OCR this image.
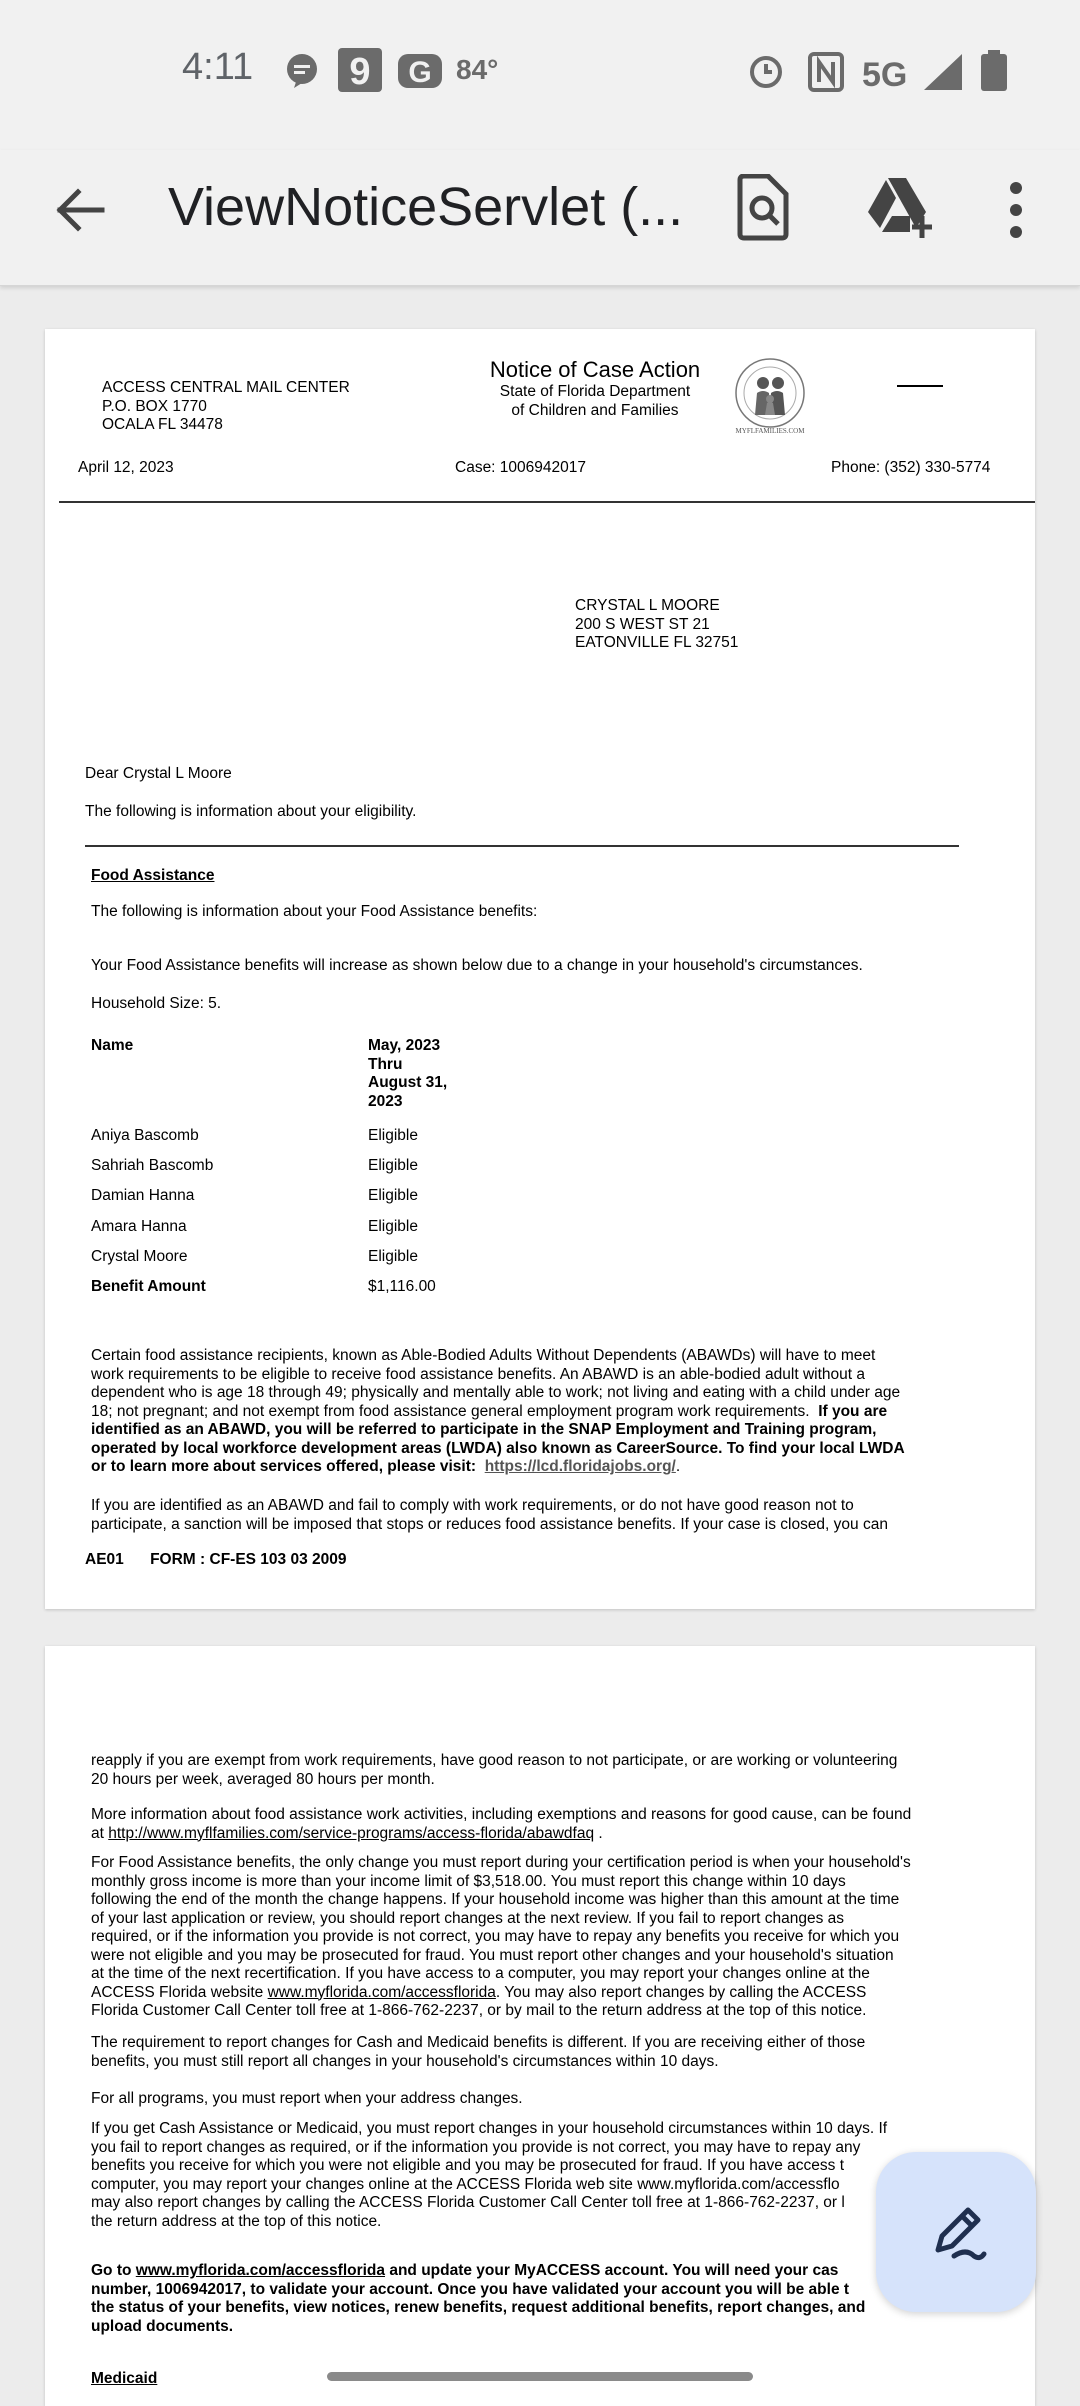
4:11	9 G 84°	5G
ViewNoticeServlet (...
ACCESS CENTRAL MAIL CENTER
P.O. BOX 1770
OCALA FL 34478
Notice of Case Action
State of Florida Department
of Children and Families
MYFLFAMILIES.COM
April 12, 2023	Case: 1006942017	Phone: (352) 330-5774
CRYSTAL L MOORE
200 S WEST ST 21
EATONVILLE FL 32751
Dear Crystal L Moore
The following is information about your eligibility.
Food Assistance
The following is information about your Food Assistance benefits:
Your Food Assistance benefits will increase as shown below due to a change in your household's circumstances.
Household Size: 5.
Name	May, 2023
Thru
August 31,
2023
Aniya Bascomb	Eligible
Sahriah Bascomb	Eligible
Damian Hanna	Eligible
Amara Hanna	Eligible
Crystal Moore	Eligible
Benefit Amount	$1,116.00
Certain food assistance recipients, known as Able-Bodied Adults Without Dependents (ABAWDs) will have to meet
work requirements to be eligible to receive food assistance benefits. An ABAWD is an able-bodied adult without a
dependent who is age 18 through 49; physically and mentally able to work; not living and eating with a child under age
18; not pregnant; and not exempt from food assistance general employment program work requirements. If you are
identified as an ABAWD, you will be referred to participate in the SNAP Employment and Training program,
operated by local workforce development areas (LWDA) also known as CareerSource. To find your local LWDA
or to learn more about services offered, please visit: https://lcd.floridajobs.org/.
If you are identified as an ABAWD and fail to comply with work requirements, or do not have good reason not to
participate, a sanction will be imposed that stops or reduces food assistance benefits. If your case is closed, you can
AE01 FORM : CF-ES 103 03 2009
reapply if you are exempt from work requirements, have good reason to not participate, or are working or volunteering
20 hours per week, averaged 80 hours per month.
More information about food assistance work activities, including exemptions and reasons for good cause, can be found
at http://www.myflfamilies.com/service-programs/access-florida/abawdfaq .
For Food Assistance benefits, the only change you must report during your certification period is when your household's
monthly gross income is more than your income limit of $3,518.00. You must report this change within 10 days
following the end of the month the change happens. If your household income was higher than this amount at the time
of your last application or review, you should report changes at the next review. If you fail to report changes as
required, or if the information you provide is not correct, you may have to repay any benefits you receive for which you
were not eligible and you may be prosecuted for fraud. You must report other changes and your household's situation
at the time of the next recertification. If you have access to a computer, you may report your changes online at the
ACCESS Florida website www.myflorida.com/accessflorida. You may also report changes by calling the ACCESS
Florida Customer Call Center toll free at 1-866-762-2237, or by mail to the return address at the top of this notice.
The requirement to report changes for Cash and Medicaid benefits is different. If you are receiving either of those
benefits, you must still report all changes in your household's circumstances within 10 days.
For all programs, you must report when your address changes.
If you get Cash Assistance or Medicaid, you must report changes in your household circumstances within 10 days. If
you fail to report changes as required, or if the information you provide is not correct, you may have to repay any
benefits you receive for which you were not eligible and you may be prosecuted for fraud. If you have access t
computer, you may report your changes online at the ACCESS Florida web site www.myflorida.com/accessflo
may also report changes by calling the ACCESS Florida Customer Call Center toll free at 1-866-762-2237, or l
the return address at the top of this notice.
Go to www.myflorida.com/accessflorida and update your MyACCESS account. You will need your cas
number, 1006942017, to validate your account. Once you have validated your account you will be able t
the status of your benefits, view notices, renew benefits, request additional benefits, report changes, and
upload documents.
Medicaid
